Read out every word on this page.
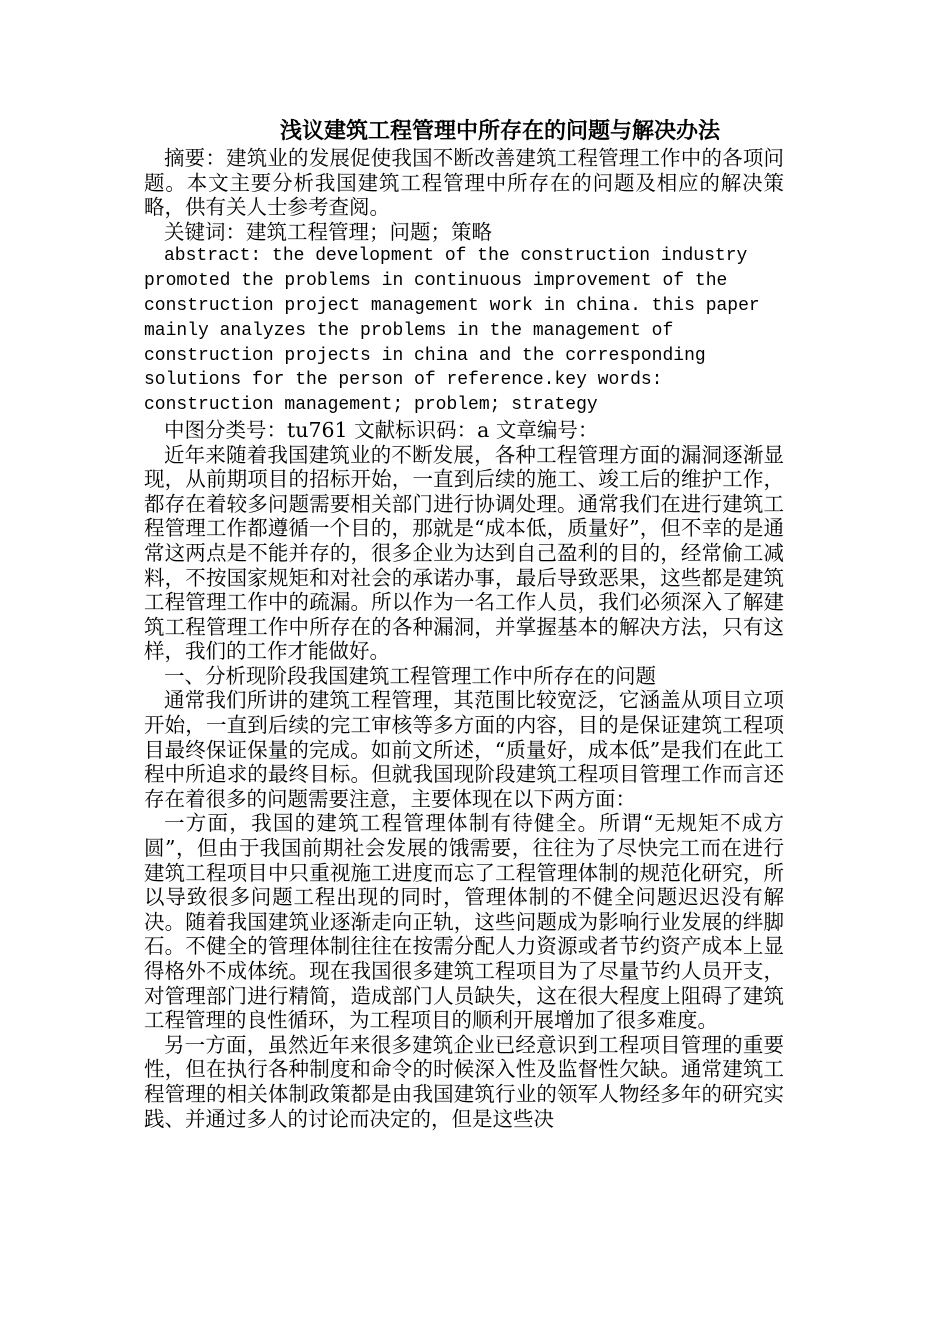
浅议建筑工程管理中所存在的问题与解决办法

摘要：建筑业的发展促使我国不断改善建筑工程管理工作中的各项问题。本文主要分析我国建筑工程管理中所存在的问题及相应的解决策略，供有关人士参考查阅。

关键词：建筑工程管理；问题；策略

abstract: the development of the construction industry promoted the problems in continuous improvement of the construction project management work in china. this paper mainly analyzes the problems in the management of construction projects in china and the corresponding solutions for the person of reference.key words: construction management; problem; strategy

中图分类号：tu761 文献标识码：a 文章编号：

近年来随着我国建筑业的不断发展，各种工程管理方面的漏洞逐渐显现，从前期项目的招标开始，一直到后续的施工、竣工后的维护工作，都存在着较多问题需要相关部门进行协调处理。通常我们在进行建筑工程管理工作都遵循一个目的，那就是“成本低，质量好”，但不幸的是通常这两点是不能并存的，很多企业为达到自己盈利的目的，经常偷工减料，不按国家规矩和对社会的承诺办事，最后导致恶果，这些都是建筑工程管理工作中的疏漏。所以作为一名工作人员，我们必须深入了解建筑工程管理工作中所存在的各种漏洞，并掌握基本的解决方法，只有这样，我们的工作才能做好。

一、分析现阶段我国建筑工程管理工作中所存在的问题

通常我们所讲的建筑工程管理，其范围比较宽泛，它涵盖从项目立项开始，一直到后续的完工审核等多方面的内容，目的是保证建筑工程项目最终保证保量的完成。如前文所述，“质量好，成本低”是我们在此工程中所追求的最终目标。但就我国现阶段建筑工程项目管理工作而言还存在着很多的问题需要注意，主要体现在以下两方面：

一方面，我国的建筑工程管理体制有待健全。所谓“无规矩不成方圆”，但由于我国前期社会发展的饿需要，往往为了尽快完工而在进行建筑工程项目中只重视施工进度而忘了工程管理体制的规范化研究，所以导致很多问题工程出现的同时，管理体制的不健全问题迟迟没有解决。随着我国建筑业逐渐走向正轨，这些问题成为影响行业发展的绊脚石。不健全的管理体制往往在按需分配人力资源或者节约资产成本上显得格外不成体统。现在我国很多建筑工程项目为了尽量节约人员开支，对管理部门进行精简，造成部门人员缺失，这在很大程度上阻碍了建筑工程管理的良性循环，为工程项目的顺利开展增加了很多难度。

另一方面，虽然近年来很多建筑企业已经意识到工程项目管理的重要性，但在执行各种制度和命令的时候深入性及监督性欠缺。通常建筑工程管理的相关体制政策都是由我国建筑行业的领军人物经多年的研究实践、并通过多人的讨论而决定的，但是这些决
